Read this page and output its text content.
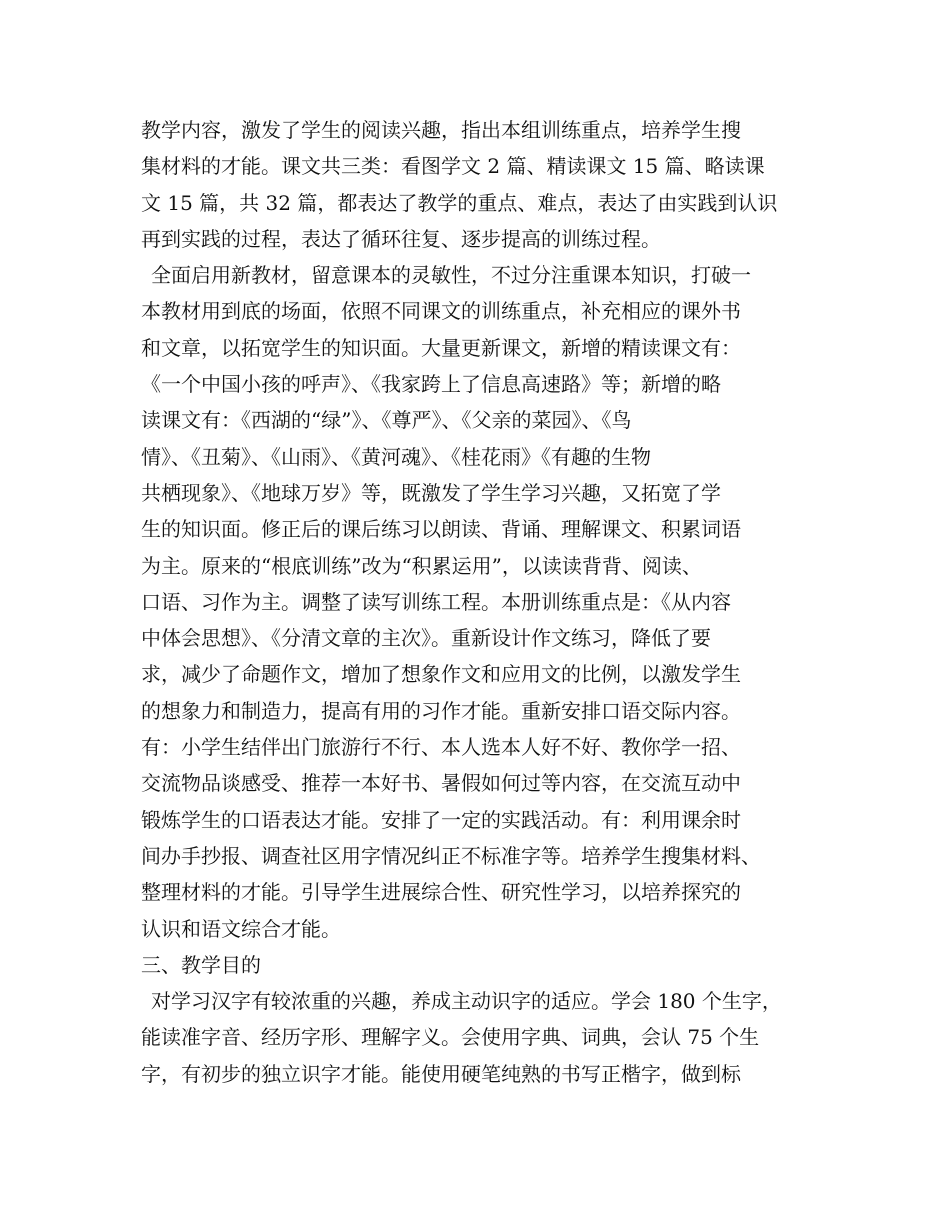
教学内容，激发了学生的阅读兴趣，指出本组训练重点，培养学生搜
集材料的才能。课文共三类：看图学文 2 篇、精读课文 15 篇、略读课
文 15 篇，共 32 篇，都表达了教学的重点、难点，表达了由实践到认识
再到实践的过程，表达了循环往复、逐步提高的训练过程。
全面启用新教材，留意课本的灵敏性，不过分注重课本知识，打破一
本教材用到底的场面，依照不同课文的训练重点，补充相应的课外书
和文章，以拓宽学生的知识面。大量更新课文，新增的精读课文有：
《一个中国小孩的呼声》、《我家跨上了信息高速路》等；新增的略
读课文有：《西湖的“绿”》、《尊严》、《父亲的菜园》、《鸟
情》、《丑菊》、《山雨》、《黄河魂》、《桂花雨》《有趣的生物
共栖现象》、《地球万岁》等，既激发了学生学习兴趣，又拓宽了学
生的知识面。修正后的课后练习以朗读、背诵、理解课文、积累词语
为主。原来的“根底训练”改为“积累运用”，以读读背背、阅读、
口语、习作为主。调整了读写训练工程。本册训练重点是：《从内容
中体会思想》、《分清文章的主次》。重新设计作文练习，降低了要
求，减少了命题作文，增加了想象作文和应用文的比例，以激发学生
的想象力和制造力，提高有用的习作才能。重新安排口语交际内容。
有：小学生结伴出门旅游行不行、本人选本人好不好、教你学一招、
交流物品谈感受、推荐一本好书、暑假如何过等内容，在交流互动中
锻炼学生的口语表达才能。安排了一定的实践活动。有：利用课余时
间办手抄报、调查社区用字情况纠正不标准字等。培养学生搜集材料、
整理材料的才能。引导学生进展综合性、研究性学习，以培养探究的
认识和语文综合才能。
三、教学目的
对学习汉字有较浓重的兴趣，养成主动识字的适应。学会 180 个生字，
能读准字音、经历字形、理解字义。会使用字典、词典，会认 75 个生
字，有初步的独立识字才能。能使用硬笔纯熟的书写正楷字，做到标
